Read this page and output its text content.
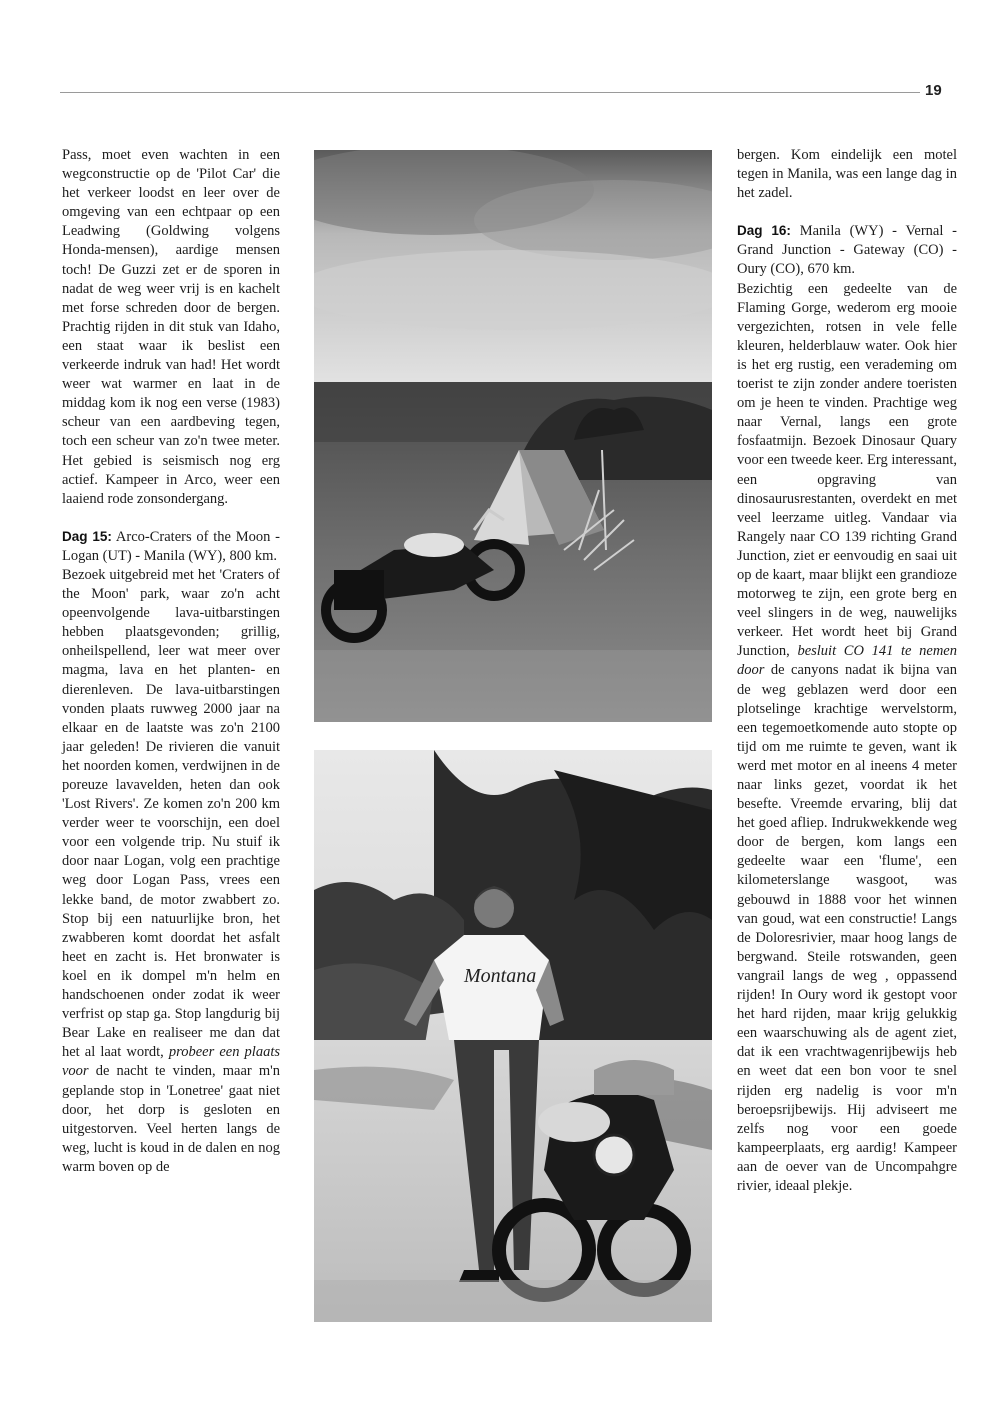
19

Pass, moet even wachten in een wegconstructie op de 'Pilot Car' die het verkeer loodst en leer over de omgeving van een echtpaar op een Leadwing (Goldwing volgens Honda-mensen), aardige mensen toch! De Guzzi zet er de sporen in nadat de weg weer vrij is en kachelt met forse schreden door de bergen. Prachtig rijden in dit stuk van Idaho, een staat waar ik beslist een verkeerde indruk van had! Het wordt weer wat warmer en laat in de middag kom ik nog een verse (1983) scheur van een aardbeving tegen, toch een scheur van zo'n twee meter. Het gebied is seismisch nog erg actief. Kampeer in Arco, weer een laaiend rode zonsondergang.

Dag 15: Arco-Craters of the Moon - Logan (UT) - Manila (WY), 800 km.

Bezoek uitgebreid met het 'Craters of the Moon' park, waar zo'n acht opeenvolgende lava-uitbarstingen hebben plaatsgevonden; grillig, onheilspellend, leer wat meer over magma, lava en het planten- en dierenleven. De lava-uitbarstingen vonden plaats ruwweg 2000 jaar na elkaar en de laatste was zo'n 2100 jaar geleden! De rivieren die vanuit het noorden komen, verdwijnen in de poreuze lavavelden, heten dan ook 'Lost Rivers'. Ze komen zo'n 200 km verder weer te voorschijn, een doel voor een volgende trip. Nu stuif ik door naar Logan, volg een prachtige weg door Logan Pass, vrees een lekke band, de motor zwabbert zo. Stop bij een natuurlijke bron, het zwabberen komt doordat het asfalt heet en zacht is. Het bronwater is koel en ik dompel m'n helm en handschoenen onder zodat ik weer verfrist op stap ga. Stop langdurig bij Bear Lake en realiseer me dan dat het al laat wordt, probeer een plaats voor de nacht te vinden, maar m'n geplande stop in 'Lonetree' gaat niet door, het dorp is gesloten en uitgestorven. Veel herten langs de weg, lucht is koud in de dalen en nog warm boven op de

bergen. Kom eindelijk een motel tegen in Manila, was een lange dag in het zadel.

Dag 16: Manila (WY) - Vernal - Grand Junction - Gateway (CO) - Oury (CO), 670 km.

Bezichtig een gedeelte van de Flaming Gorge, wederom erg mooie vergezichten, rotsen in vele felle kleuren, helderblauw water. Ook hier is het erg rustig, een verademing om toerist te zijn zonder andere toeristen om je heen te vinden. Prachtige weg naar Vernal, langs een grote fosfaatmijn. Bezoek Dinosaur Quary voor een tweede keer. Erg interessant, een opgraving van dinosaurusrestanten, overdekt en met veel leerzame uitleg. Vandaar via Rangely naar CO 139 richting Grand Junction, ziet er eenvoudig en saai uit op de kaart, maar blijkt een grandioze motorweg te zijn, een grote berg en veel slingers in de weg, nauwelijks verkeer. Het wordt heet bij Grand Junction, besluit CO 141 te nemen door de canyons nadat ik bijna van de weg geblazen werd door een plotselinge krachtige wervelstorm, een tegemoetkomende auto stopte op tijd om me ruimte te geven, want ik werd met motor en al ineens 4 meter naar links gezet, voordat ik het besefte. Vreemde ervaring, blij dat het goed afliep. Indrukwekkende weg door de bergen, kom langs een gedeelte waar een 'flume', een kilometerslange wasgoot, was gebouwd in 1888 voor het winnen van goud, wat een constructie! Langs de Doloresrivier, maar hoog langs de bergwand. Steile rotswanden, geen vangrail langs de weg , oppassend rijden! In Oury word ik gestopt voor het hard rijden, maar krijg gelukkig een waarschuwing als de agent ziet, dat ik een vrachtwagenrijbewijs heb en weet dat een bon voor te snel rijden erg nadelig is voor m'n beroepsrijbewijs. Hij adviseert me zelfs nog voor een goede kampeerplaats, erg aardig! Kampeer aan de oever van de Uncompahgre rivier, ideaal plekje.

Montana
